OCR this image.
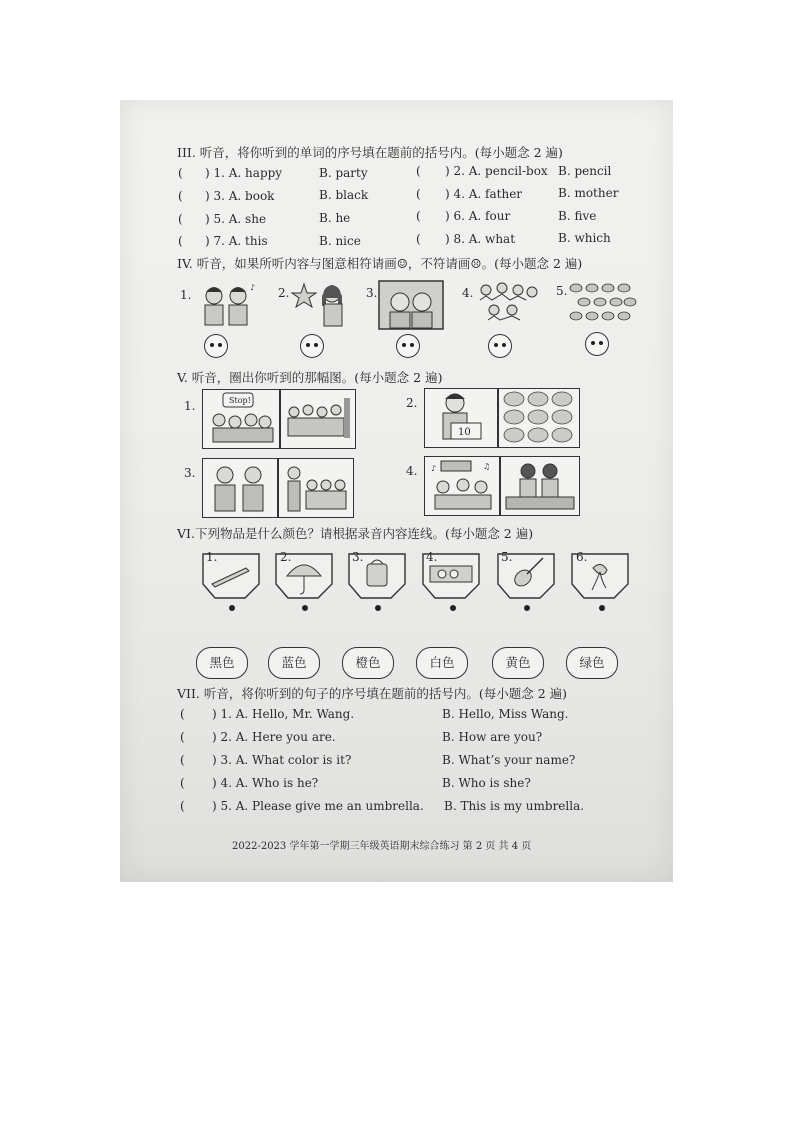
III. 听音，将你听到的单词的序号填在题前的括号内。(每小题念 2 遍)
( ) 1. A. happy	B. party	( ) 2. A. pencil-box B. pencil
( ) 3. A. book	B. black	( ) 4. A. father	B. mother
( ) 5. A. she	B. he	( ) 6. A. four	B. five
( ) 7. A. this	B. nice	( ) 8. A. what	B. which
IV. 听音，如果所听内容与图意相符请画☺，不符请画☹。(每小题念 2 遍)
1.
♪ 2.	3.	4.	5.
V. 听音，圈出你听到的那幅图。(每小题念 2 遍)
1.	Stop!	2.
10
3.	4. ♪	♫
VI.下列物品是什么颜色？请根据录音内容连线。(每小题念 2 遍)
1.	2.	3.	4.	5.	6.
黑色	蓝色	橙色	白色	黄色	绿色
VII. 听音，将你听到的句子的序号填在题前的括号内。(每小题念 2 遍)
( ) 1. A. Hello, Mr. Wang.	B. Hello, Miss Wang.
( ) 2. A. Here you are.	B. How are you?
( ) 3. A. What color is it?	B. What’s your name?
( ) 4. A. Who is he?	B. Who is she?
( ) 5. A. Please give me an umbrella. B. This is my umbrella.
2022-2023 学年第一学期三年级英语期末综合练习 第 2 页 共 4 页
